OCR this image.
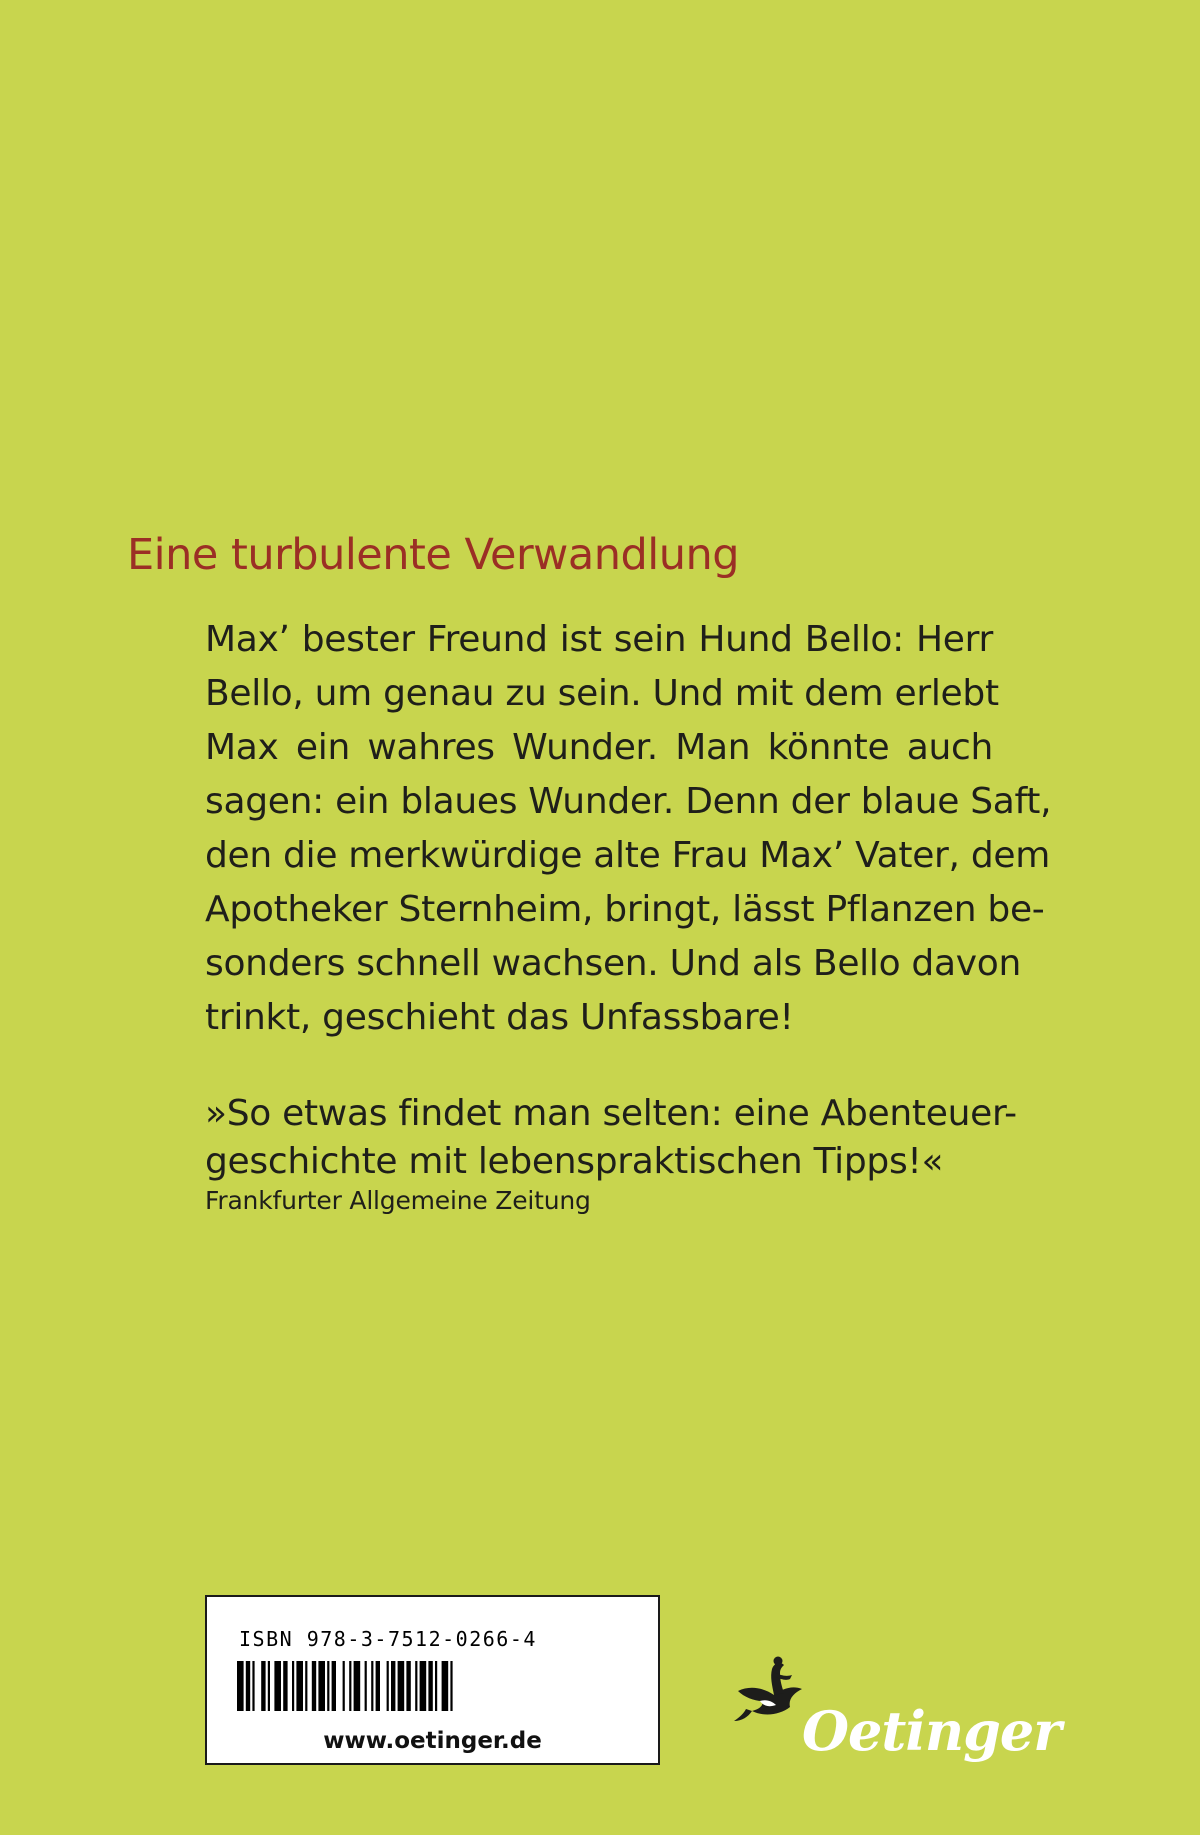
Eine turbulente Verwandlung

Max’ bester Freund ist sein Hund Bello: Herr
Bello, um genau zu sein. Und mit dem erlebt
Max ein wahres Wunder. Man könnte auch
sagen: ein blaues Wunder. Denn der blaue Saft,
den die merkwürdige alte Frau Max’ Vater, dem
Apotheker Sternheim, bringt, lässt Pflanzen be-
sonders schnell wachsen. Und als Bello davon
trinkt, geschieht das Unfassbare!

»So etwas findet man selten: eine Abenteuer-
geschichte mit lebenspraktischen Tipps!«

Frankfurter Allgemeine Zeitung
ISBN 978-3-7512-0266-4
www.oetinger.de	Oetinger
